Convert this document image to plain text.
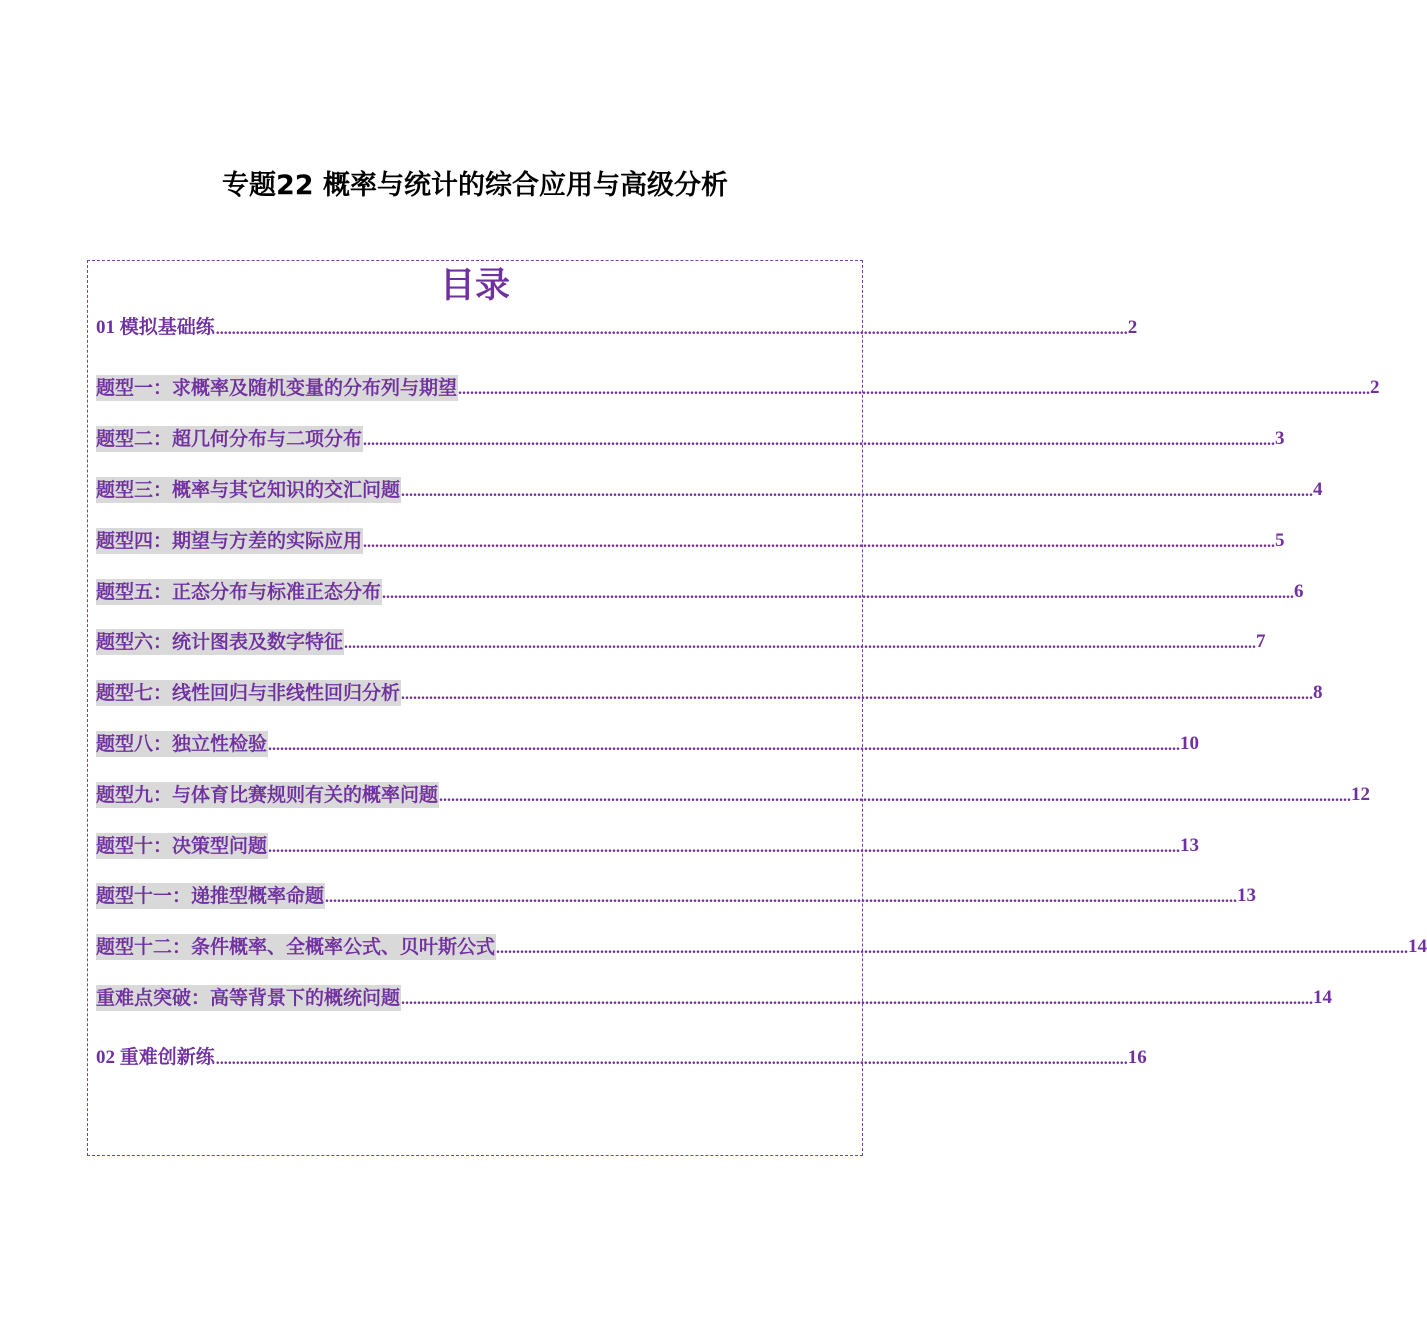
专题22 概率与统计的综合应用与高级分析
目录
01 模拟基础练 .................................................................................................................................................................................................................................... 2
题型一：求概率及随机变量的分布列与期望 .................................................................................................................................................................................................................................... 2
题型二：超几何分布与二项分布 .................................................................................................................................................................................................................................... 3
题型三：概率与其它知识的交汇问题 .................................................................................................................................................................................................................................... 4
题型四：期望与方差的实际应用 .................................................................................................................................................................................................................................... 5
题型五：正态分布与标准正态分布 .................................................................................................................................................................................................................................... 6
题型六：统计图表及数字特征 .................................................................................................................................................................................................................................... 7
题型七：线性回归与非线性回归分析 .................................................................................................................................................................................................................................... 8
题型八：独立性检验 .................................................................................................................................................................................................................................... 10
题型九：与体育比赛规则有关的概率问题 .................................................................................................................................................................................................................................... 12
题型十：决策型问题 .................................................................................................................................................................................................................................... 13
题型十一：递推型概率命题 .................................................................................................................................................................................................................................... 13
题型十二：条件概率、全概率公式、贝叶斯公式 .................................................................................................................................................................................................................................... 14
重难点突破：高等背景下的概统问题 .................................................................................................................................................................................................................................... 14
02 重难创新练 .................................................................................................................................................................................................................................... 16
